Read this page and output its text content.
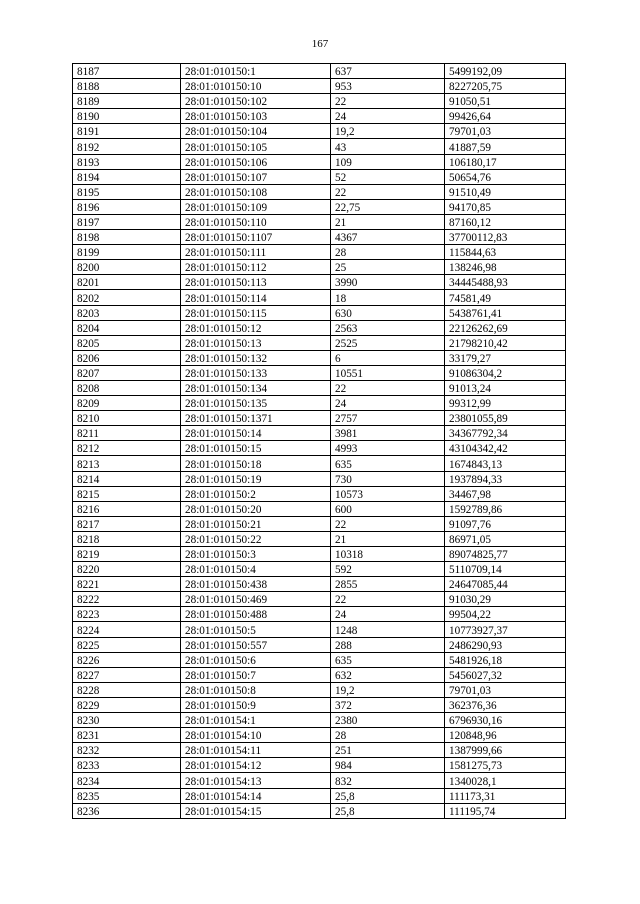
167
8187	28:01:010150:1	637	5499192,09
8188	28:01:010150:10	953	8227205,75
8189	28:01:010150:102	22	91050,51
8190	28:01:010150:103	24	99426,64
8191	28:01:010150:104	19,2	79701,03
8192	28:01:010150:105	43	41887,59
8193	28:01:010150:106	109	106180,17
8194	28:01:010150:107	52	50654,76
8195	28:01:010150:108	22	91510,49
8196	28:01:010150:109	22,75	94170,85
8197	28:01:010150:110	21	87160,12
8198	28:01:010150:1107	4367	37700112,83
8199	28:01:010150:111	28	115844,63
8200	28:01:010150:112	25	138246,98
8201	28:01:010150:113	3990	34445488,93
8202	28:01:010150:114	18	74581,49
8203	28:01:010150:115	630	5438761,41
8204	28:01:010150:12	2563	22126262,69
8205	28:01:010150:13	2525	21798210,42
8206	28:01:010150:132	6	33179,27
8207	28:01:010150:133	10551	91086304,2
8208	28:01:010150:134	22	91013,24
8209	28:01:010150:135	24	99312,99
8210	28:01:010150:1371	2757	23801055,89
8211	28:01:010150:14	3981	34367792,34
8212	28:01:010150:15	4993	43104342,42
8213	28:01:010150:18	635	1674843,13
8214	28:01:010150:19	730	1937894,33
8215	28:01:010150:2	10573	34467,98
8216	28:01:010150:20	600	1592789,86
8217	28:01:010150:21	22	91097,76
8218	28:01:010150:22	21	86971,05
8219	28:01:010150:3	10318	89074825,77
8220	28:01:010150:4	592	5110709,14
8221	28:01:010150:438	2855	24647085,44
8222	28:01:010150:469	22	91030,29
8223	28:01:010150:488	24	99504,22
8224	28:01:010150:5	1248	10773927,37
8225	28:01:010150:557	288	2486290,93
8226	28:01:010150:6	635	5481926,18
8227	28:01:010150:7	632	5456027,32
8228	28:01:010150:8	19,2	79701,03
8229	28:01:010150:9	372	362376,36
8230	28:01:010154:1	2380	6796930,16
8231	28:01:010154:10	28	120848,96
8232	28:01:010154:11	251	1387999,66
8233	28:01:010154:12	984	1581275,73
8234	28:01:010154:13	832	1340028,1
8235	28:01:010154:14	25,8	111173,31
8236	28:01:010154:15	25,8	111195,74
